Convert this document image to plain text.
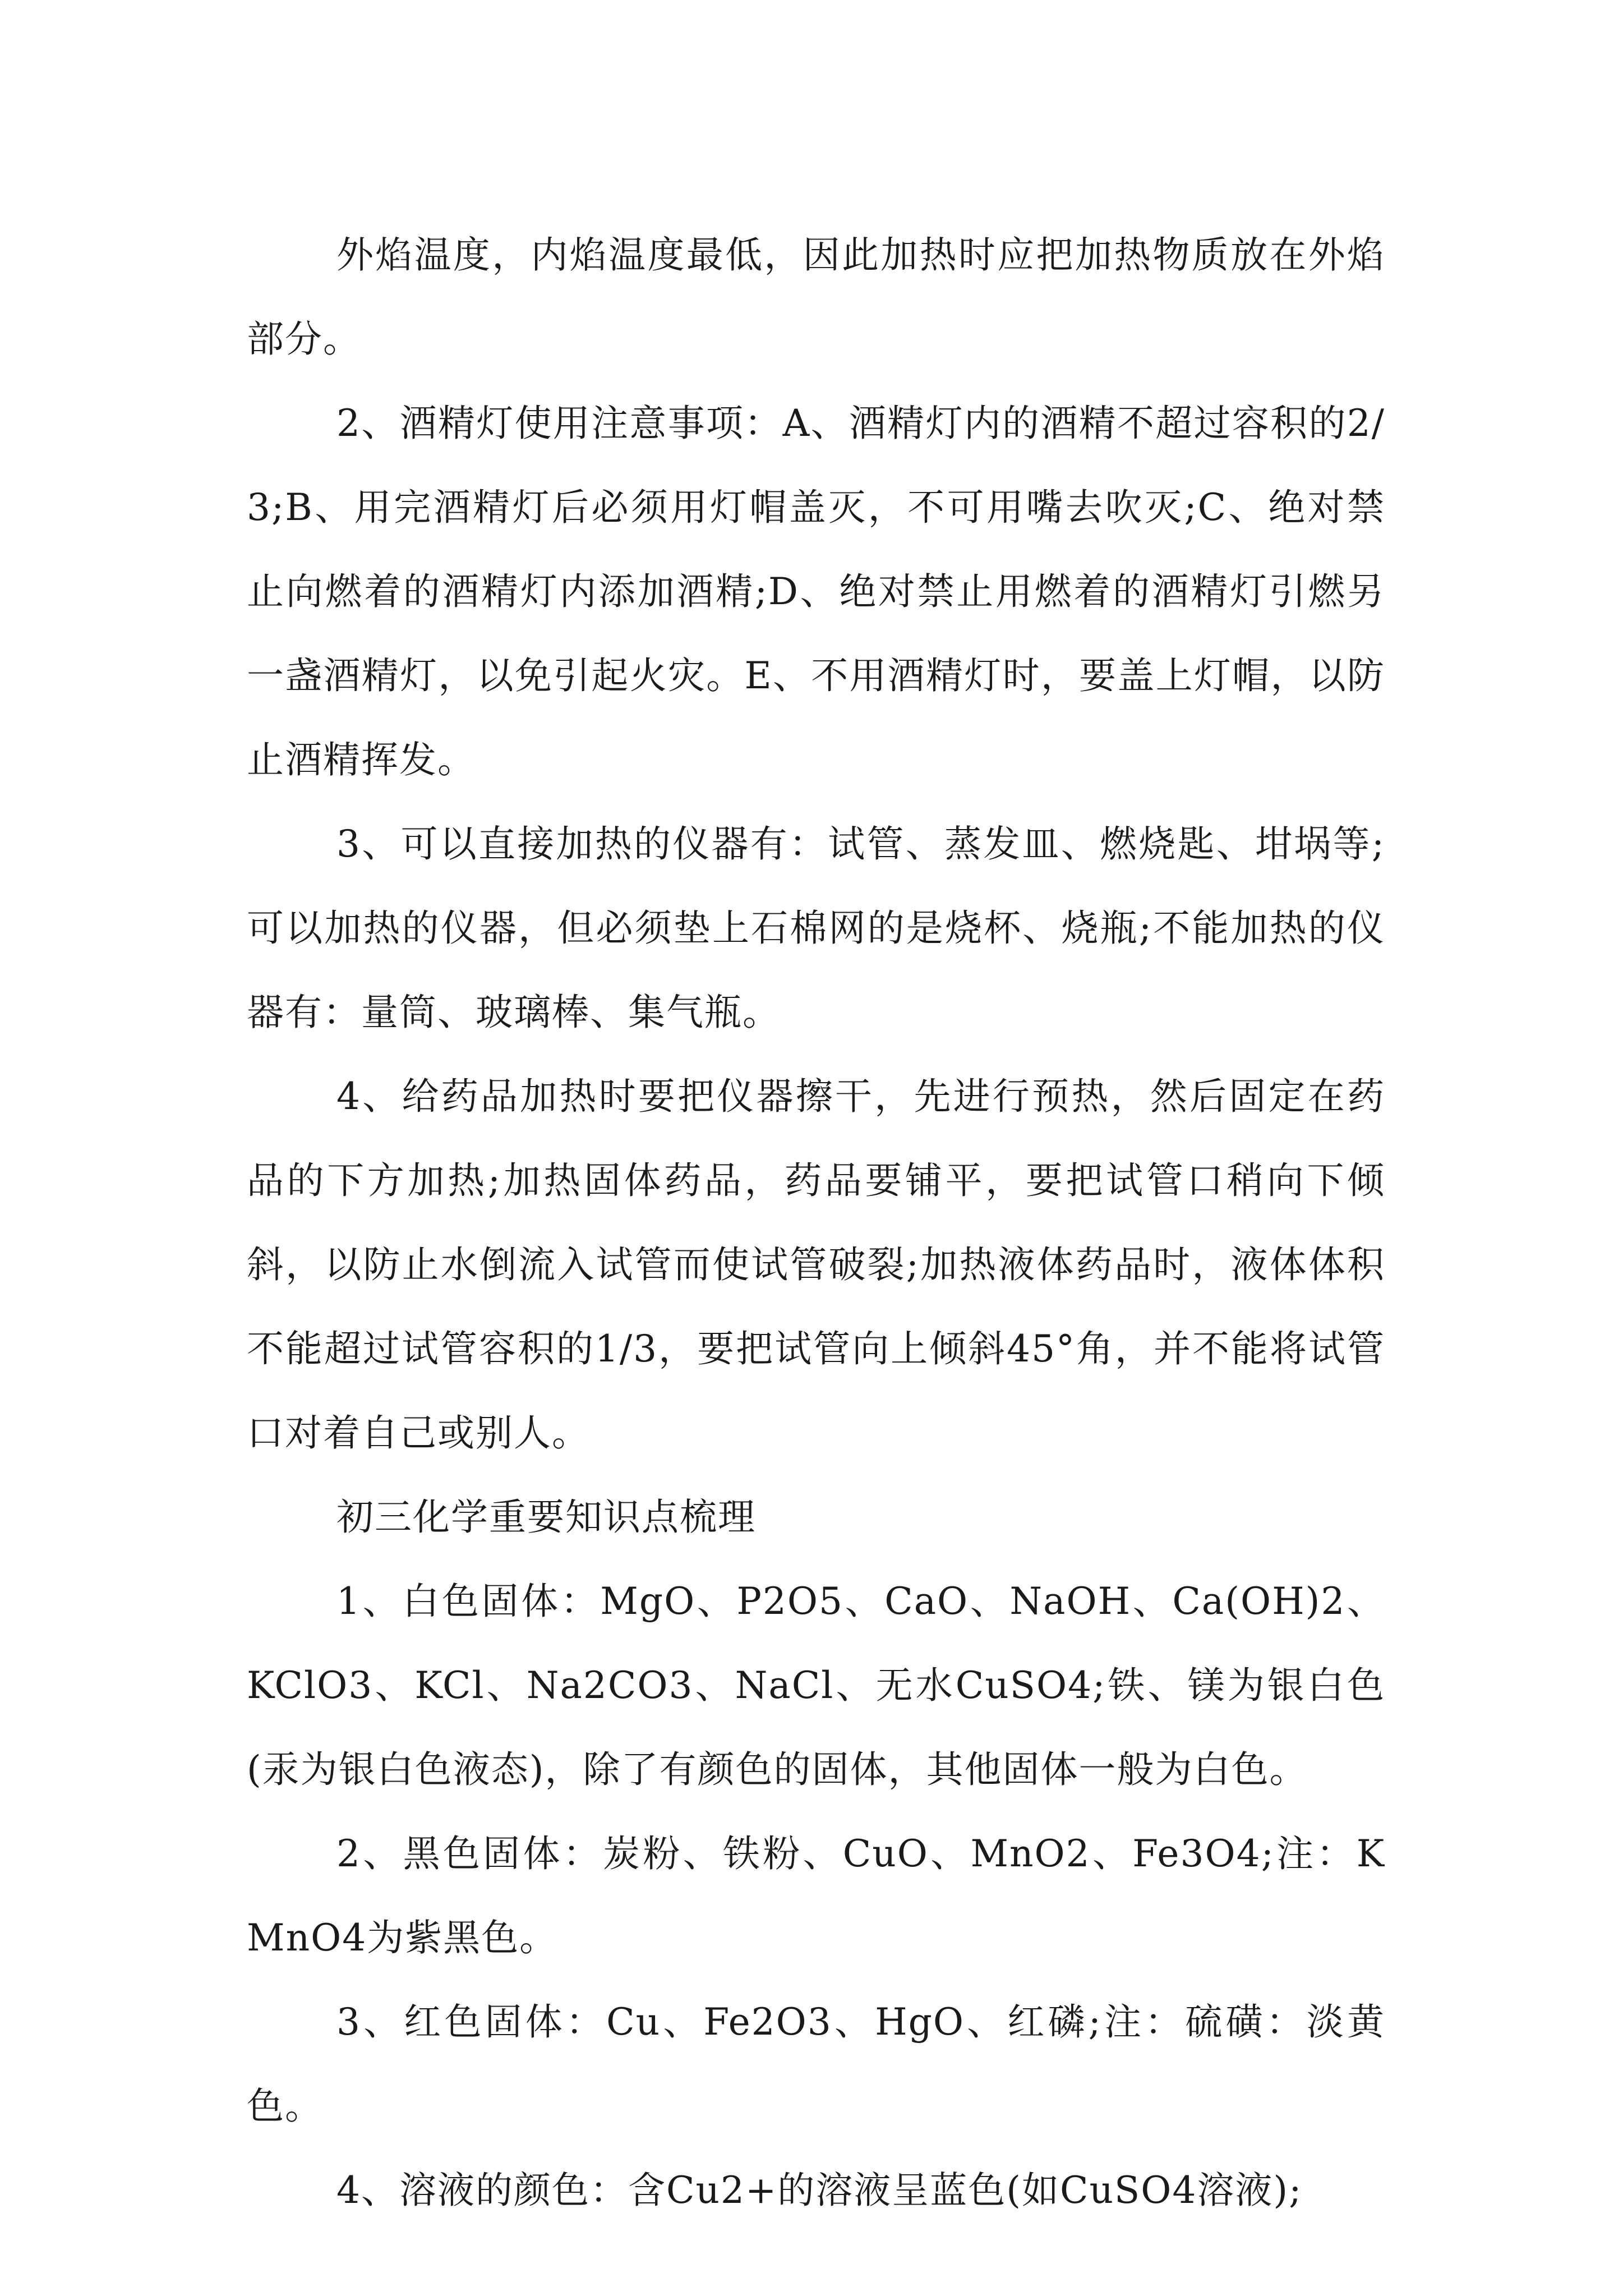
外焰温度，内焰温度最低，因此加热时应把加热物质放在外焰部分。

2、酒精灯使用注意事项：A、酒精灯内的酒精不超过容积的2/3;B、用完酒精灯后必须用灯帽盖灭，不可用嘴去吹灭;C、绝对禁止向燃着的酒精灯内添加酒精;D、绝对禁止用燃着的酒精灯引燃另一盏酒精灯，以免引起火灾。E、不用酒精灯时，要盖上灯帽，以防止酒精挥发。

3、可以直接加热的仪器有：试管、蒸发皿、燃烧匙、坩埚等;可以加热的仪器，但必须垫上石棉网的是烧杯、烧瓶;不能加热的仪器有：量筒、玻璃棒、集气瓶。

4、给药品加热时要把仪器擦干，先进行预热，然后固定在药品的下方加热;加热固体药品，药品要铺平，要把试管口稍向下倾斜，以防止水倒流入试管而使试管破裂;加热液体药品时，液体体积不能超过试管容积的1/3，要把试管向上倾斜45°角，并不能将试管口对着自己或别人。

初三化学重要知识点梳理

1、白色固体：MgO、P2O5、CaO、NaOH、Ca(OH)2、KClO3、KCl、Na2CO3、NaCl、无水CuSO4;铁、镁为银白色(汞为银白色液态)，除了有颜色的固体，其他固体一般为白色。

2、黑色固体：炭粉、铁粉、CuO、MnO2、Fe3O4;注：KMnO4为紫黑色。

3、红色固体：Cu、Fe2O3、HgO、红磷;注：硫磺：淡黄色。

4、溶液的颜色：含Cu2+的溶液呈蓝色(如CuSO4溶液);
